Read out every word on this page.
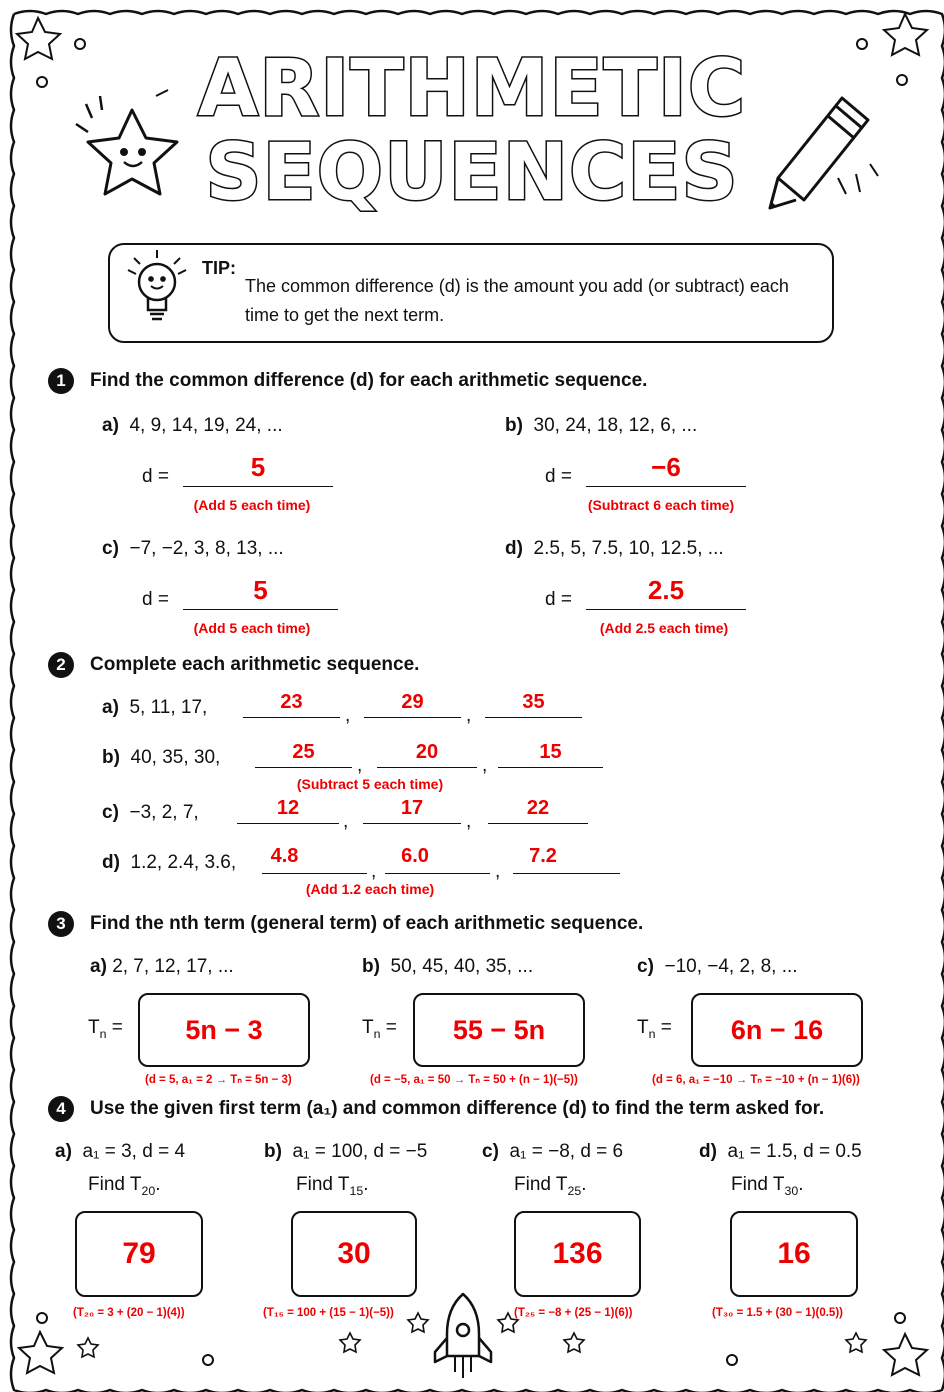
ARITHMETIC
SEQUENCES
TIP:
The common difference (d) is the amount you add (or subtract) each time to get the next term.
1	Find the common difference (d) for each arithmetic sequence.
a) 4, 9, 14, 19, 24, ...
d =	5
(Add 5 each time)
b) 30, 24, 18, 12, 6, ...
d =	−6
(Subtract 6 each time)
c) −7, −2, 3, 8, 13, ...
d =	5
(Add 5 each time)
d) 2.5, 5, 7.5, 10, 12.5, ...
d =	2.5
(Add 2.5 each time)
2	Complete each arithmetic sequence.
a) 5, 11, 17,	23
,
29
,
35
b) 40, 35, 30,	25
,
20
,
15
(Subtract 5 each time)
c) −3, 2, 7,	12
,
17
,
22
d) 1.2, 2.4, 3.6,	4.8
,
6.0
,
7.2
(Add 1.2 each time)
3	Find the nth term (general term) of each arithmetic sequence.
a) 2, 7, 12, 17, ...	b) 50, 45, 40, 35, ...	c) −10, −4, 2, 8, ...
$T_n$ =	5n − 3
(d = 5, a₁ = 2 → Tₙ = 5n − 3)
$T_n$ =	55 − 5n
(d = −5, a₁ = 50 → Tₙ = 50 + (n − 1)(−5))
$T_n$ =	6n − 16
(d = 6, a₁ = −10 → Tₙ = −10 + (n − 1)(6))
4	Use the given first term (a₁) and common difference (d) to find the term asked for.
a) a₁ = 3, d = 4
Find $T_{20}$.
79
(T₂₀ = 3 + (20 − 1)(4))
b) a₁ = 100, d = −5
Find $T_{15}$.
30
(T₁₅ = 100 + (15 − 1)(−5))
c) a₁ = −8, d = 6
Find $T_{25}$.
136
(T₂₅ = −8 + (25 − 1)(6))
d) a₁ = 1.5, d = 0.5
Find $T_{30}$.
16
(T₃₀ = 1.5 + (30 − 1)(0.5))
